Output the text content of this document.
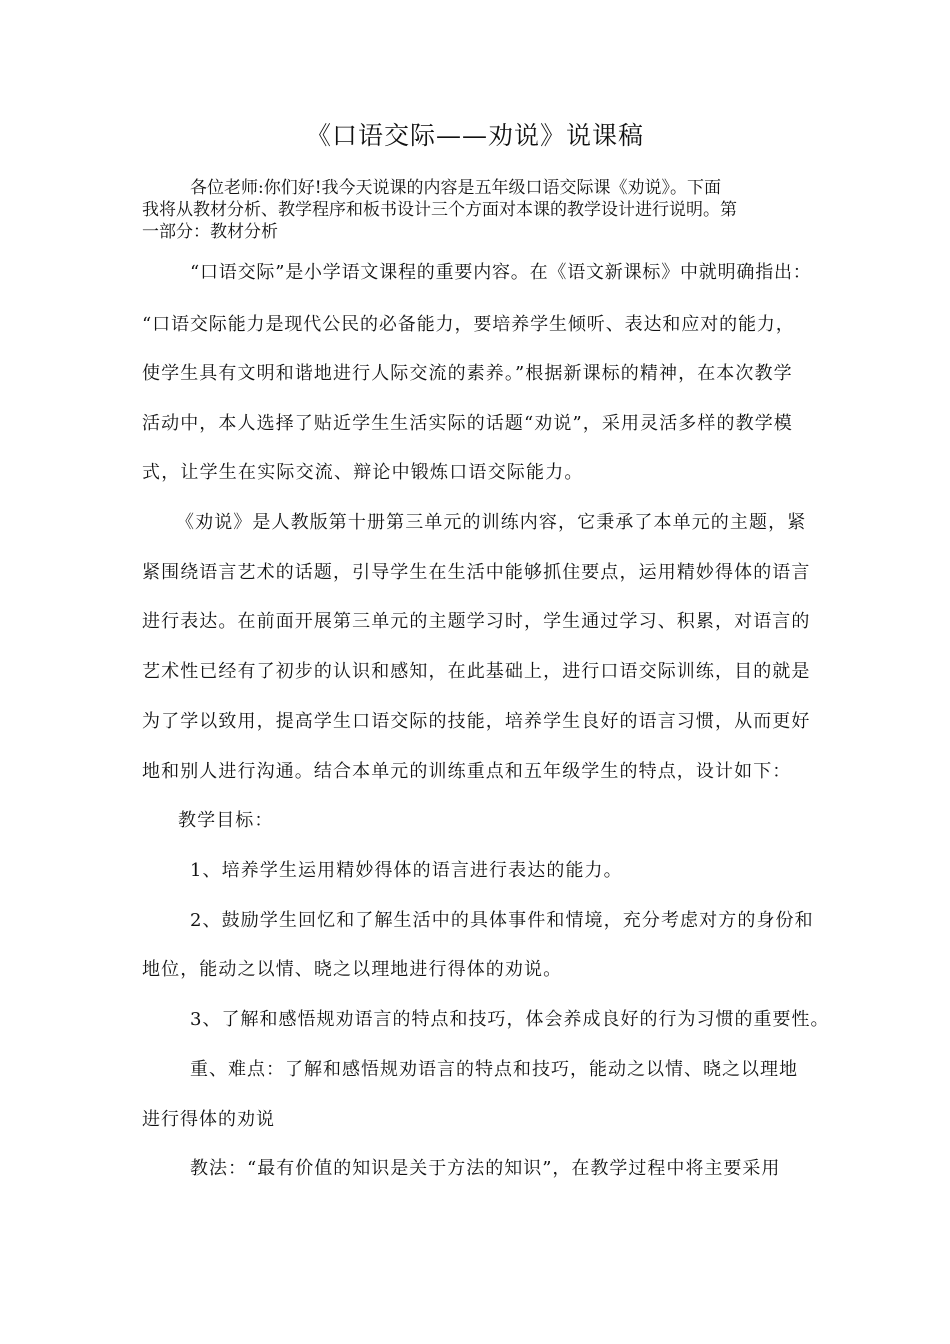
《口语交际——劝说》说课稿
各位老师:你们好!我今天说课的内容是五年级口语交际课《劝说》。下面
我将从教材分析、教学程序和板书设计三个方面对本课的教学设计进行说明。第
一部分：教材分析
“口语交际”是小学语文课程的重要内容。在《语文新课标》中就明确指出：
“口语交际能力是现代公民的必备能力，要培养学生倾听、表达和应对的能力，
使学生具有文明和谐地进行人际交流的素养。”根据新课标的精神，在本次教学
活动中，本人选择了贴近学生生活实际的话题“劝说”，采用灵活多样的教学模
式，让学生在实际交流、辩论中锻炼口语交际能力。
《劝说》是人教版第十册第三单元的训练内容，它秉承了本单元的主题，紧
紧围绕语言艺术的话题，引导学生在生活中能够抓住要点，运用精妙得体的语言
进行表达。在前面开展第三单元的主题学习时，学生通过学习、积累，对语言的
艺术性已经有了初步的认识和感知，在此基础上，进行口语交际训练，目的就是
为了学以致用，提高学生口语交际的技能，培养学生良好的语言习惯，从而更好
地和别人进行沟通。结合本单元的训练重点和五年级学生的特点，设计如下：
教学目标：
1、培养学生运用精妙得体的语言进行表达的能力。
2、鼓励学生回忆和了解生活中的具体事件和情境，充分考虑对方的身份和
地位，能动之以情、晓之以理地进行得体的劝说。
3、了解和感悟规劝语言的特点和技巧，体会养成良好的行为习惯的重要性。
重、难点：了解和感悟规劝语言的特点和技巧，能动之以情、晓之以理地
进行得体的劝说
教法：“最有价值的知识是关于方法的知识”，在教学过程中将主要采用
